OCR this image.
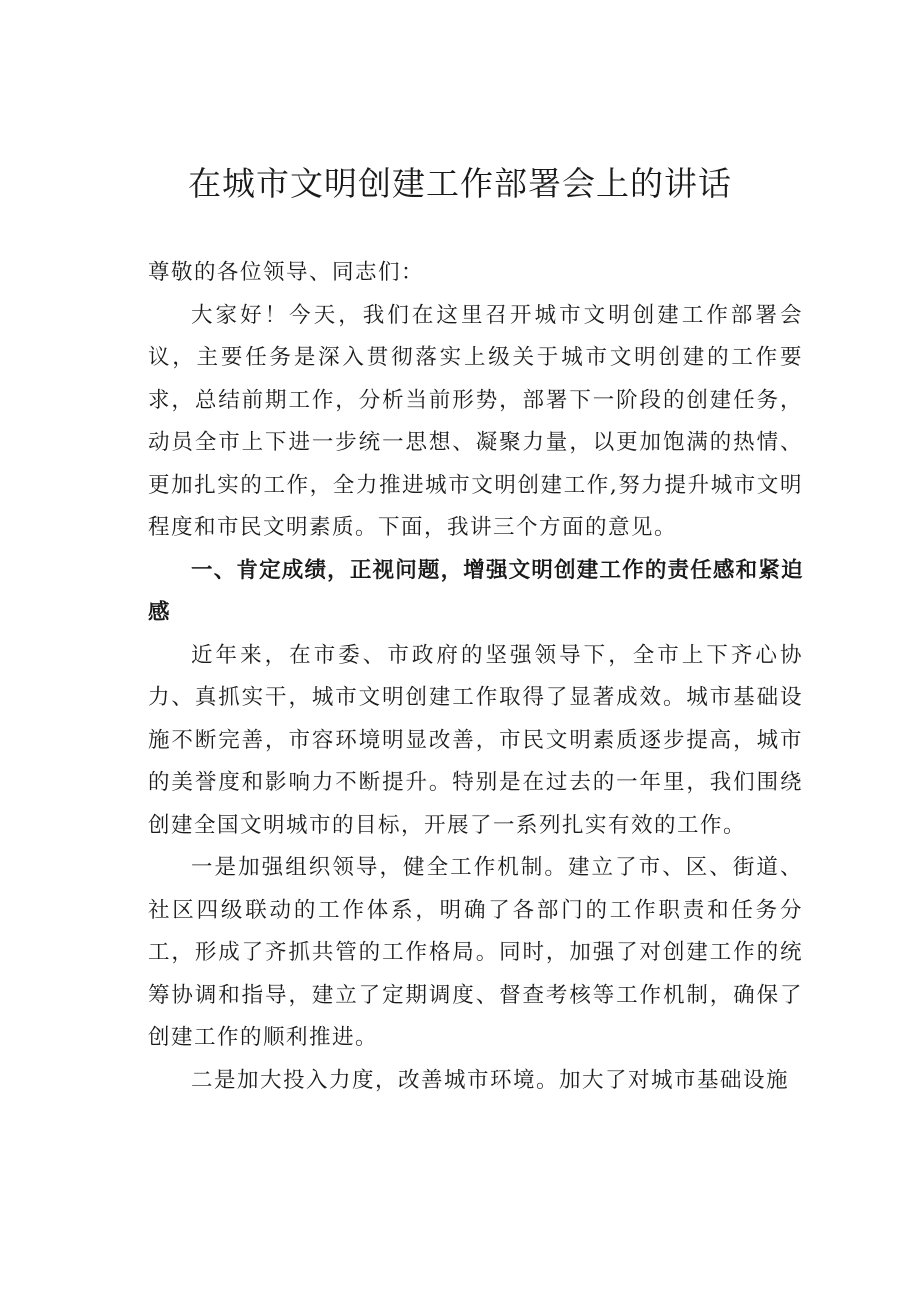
在城市文明创建工作部署会上的讲话

尊敬的各位领导、同志们：

大家好！今天，我们在这里召开城市文明创建工作部署会议，主要任务是深入贯彻落实上级关于城市文明创建的工作要求，总结前期工作，分析当前形势，部署下一阶段的创建任务，动员全市上下进一步统一思想、凝聚力量，以更加饱满的热情、更加扎实的工作，全力推进城市文明创建工作,努力提升城市文明程度和市民文明素质。下面，我讲三个方面的意见。

一、肯定成绩，正视问题，增强文明创建工作的责任感和紧迫感

近年来，在市委、市政府的坚强领导下，全市上下齐心协力、真抓实干，城市文明创建工作取得了显著成效。城市基础设施不断完善，市容环境明显改善，市民文明素质逐步提高，城市的美誉度和影响力不断提升。特别是在过去的一年里，我们围绕创建全国文明城市的目标，开展了一系列扎实有效的工作。

一是加强组织领导，健全工作机制。建立了市、区、街道、社区四级联动的工作体系，明确了各部门的工作职责和任务分工，形成了齐抓共管的工作格局。同时，加强了对创建工作的统筹协调和指导，建立了定期调度、督查考核等工作机制，确保了创建工作的顺利推进。

二是加大投入力度，改善城市环境。加大了对城市基础设施
